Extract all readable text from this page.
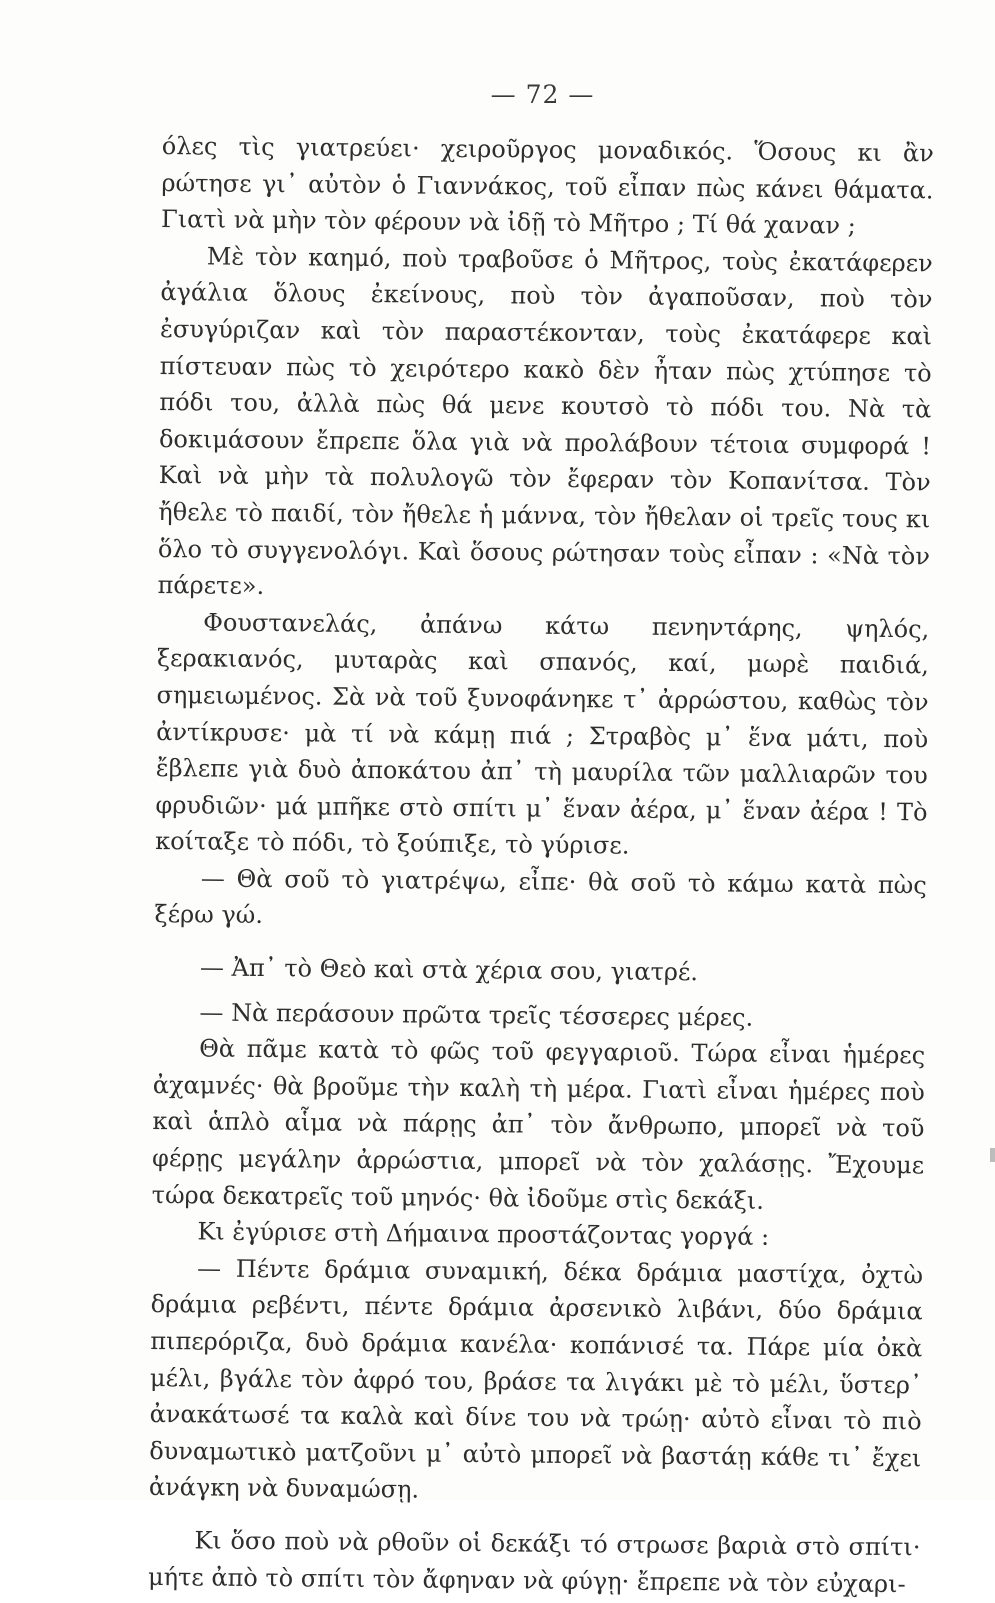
— 72 —

όλες τὶς γιατρεύει· χειροῦργος μοναδικός. Ὅσους κι ἂν ρώτησε γι᾽ αὐτὸν ὁ Γιαννάκος, τοῦ εἶπαν πὼς κάνει θάματα. Γιατὶ νὰ μὴν τὸν φέρουν νὰ ἰδῇ τὸ Μῆτρο ; Τί θά χαναν ;

Μὲ τὸν καημό, ποὺ τραβοῦσε ὁ Μῆτρος, τοὺς ἐκατάφερεν ἀγάλια ὅλους ἐκείνους, ποὺ τὸν ἀγαποῦσαν, ποὺ τὸν ἐσυγύριζαν καὶ τὸν παραστέκονταν, τοὺς ἐκατάφερε καὶ πίστευαν πὼς τὸ χειρότερο κακὸ δὲν ἦταν πὼς χτύπησε τὸ πόδι του, ἀλλὰ πὼς θά μενε κουτσὸ τὸ πόδι του. Νὰ τὰ δοκιμάσουν ἔπρεπε ὅλα γιὰ νὰ προλάβουν τέτοια συμφορά ! Καὶ νὰ μὴν τὰ πολυλογῶ τὸν ἔφεραν τὸν Κοπανίτσα. Τὸν ἤθελε τὸ παιδί, τὸν ἤθελε ἡ μάννα, τὸν ἤθελαν οἱ τρεῖς τους κι ὅλο τὸ συγγενολόγι. Καὶ ὅσους ρώτησαν τοὺς εἶπαν : «Νὰ τὸν πάρετε».

Φουστανελάς, ἀπάνω κάτω πενηντάρης, ψηλός, ξερακιανός, μυταρὰς καὶ σπανός, καί, μωρὲ παιδιά, σημειωμένος. Σὰ νὰ τοῦ ξυνοφάνηκε τ᾽ ἀρρώστου, καθὼς τὸν ἀντίκρυσε· μὰ τί νὰ κάμῃ πιά ; Στραβὸς μ᾽ ἕνα μάτι, ποὺ ἔβλεπε γιὰ δυὸ ἀποκάτου ἀπ᾽ τὴ μαυρίλα τῶν μαλλιαρῶν του φρυδιῶν· μά μπῆκε στὸ σπίτι μ᾽ ἕναν ἀέρα, μ᾽ ἕναν ἀέρα ! Τὸ κοίταξε τὸ πόδι, τὸ ξούπιξε, τὸ γύρισε.

— Θὰ σοῦ τὸ γιατρέψω, εἶπε· θὰ σοῦ τὸ κάμω κατὰ πὼς ξέρω γώ.

— Ἀπ᾽ τὸ Θεὸ καὶ στὰ χέρια σου, γιατρέ.

— Νὰ περάσουν πρῶτα τρεῖς τέσσερες μέρες.

Θὰ πᾶμε κατὰ τὸ φῶς τοῦ φεγγαριοῦ. Τώρα εἶναι ἡμέρες ἀχαμνές· θὰ βροῦμε τὴν καλὴ τὴ μέρα. Γιατὶ εἶναι ἡμέρες ποὺ καὶ ἁπλὸ αἷμα νὰ πάρῃς ἀπ᾽ τὸν ἄνθρωπο, μπορεῖ νὰ τοῦ φέρῃς μεγάλην ἀρρώστια, μπορεῖ νὰ τὸν χαλάσῃς. Ἔχουμε τώρα δεκατρεῖς τοῦ μηνός· θὰ ἰδοῦμε στὶς δεκάξι.

Κι ἐγύρισε στὴ Δήμαινα προστάζοντας γοργά :

— Πέντε δράμια συναμική, δέκα δράμια μαστίχα, ὀχτὼ δράμια ρεβέντι, πέντε δράμια ἀρσενικὸ λιβάνι, δύο δράμια πιπερόριζα, δυὸ δράμια κανέλα· κοπάνισέ τα. Πάρε μία ὀκὰ μέλι, βγάλε τὸν ἀφρό του, βράσε τα λιγάκι μὲ τὸ μέλι, ὕστερ᾽ ἀνακάτωσέ τα καλὰ καὶ δίνε του νὰ τρώῃ· αὐτὸ εἶναι τὸ πιὸ δυναμωτικὸ ματζοῦνι μ᾽ αὐτὸ μπορεῖ νὰ βαστάῃ κάθε τι᾽ ἔχει ἀνάγκη νὰ δυναμώσῃ.

Κι ὅσο ποὺ νὰ ρθοῦν οἱ δεκάξι τό στρωσε βαριὰ στὸ σπίτι· μήτε ἀπὸ τὸ σπίτι τὸν ἄφηναν νὰ φύγῃ· ἔπρεπε νὰ τὸν εὐχαρι-
